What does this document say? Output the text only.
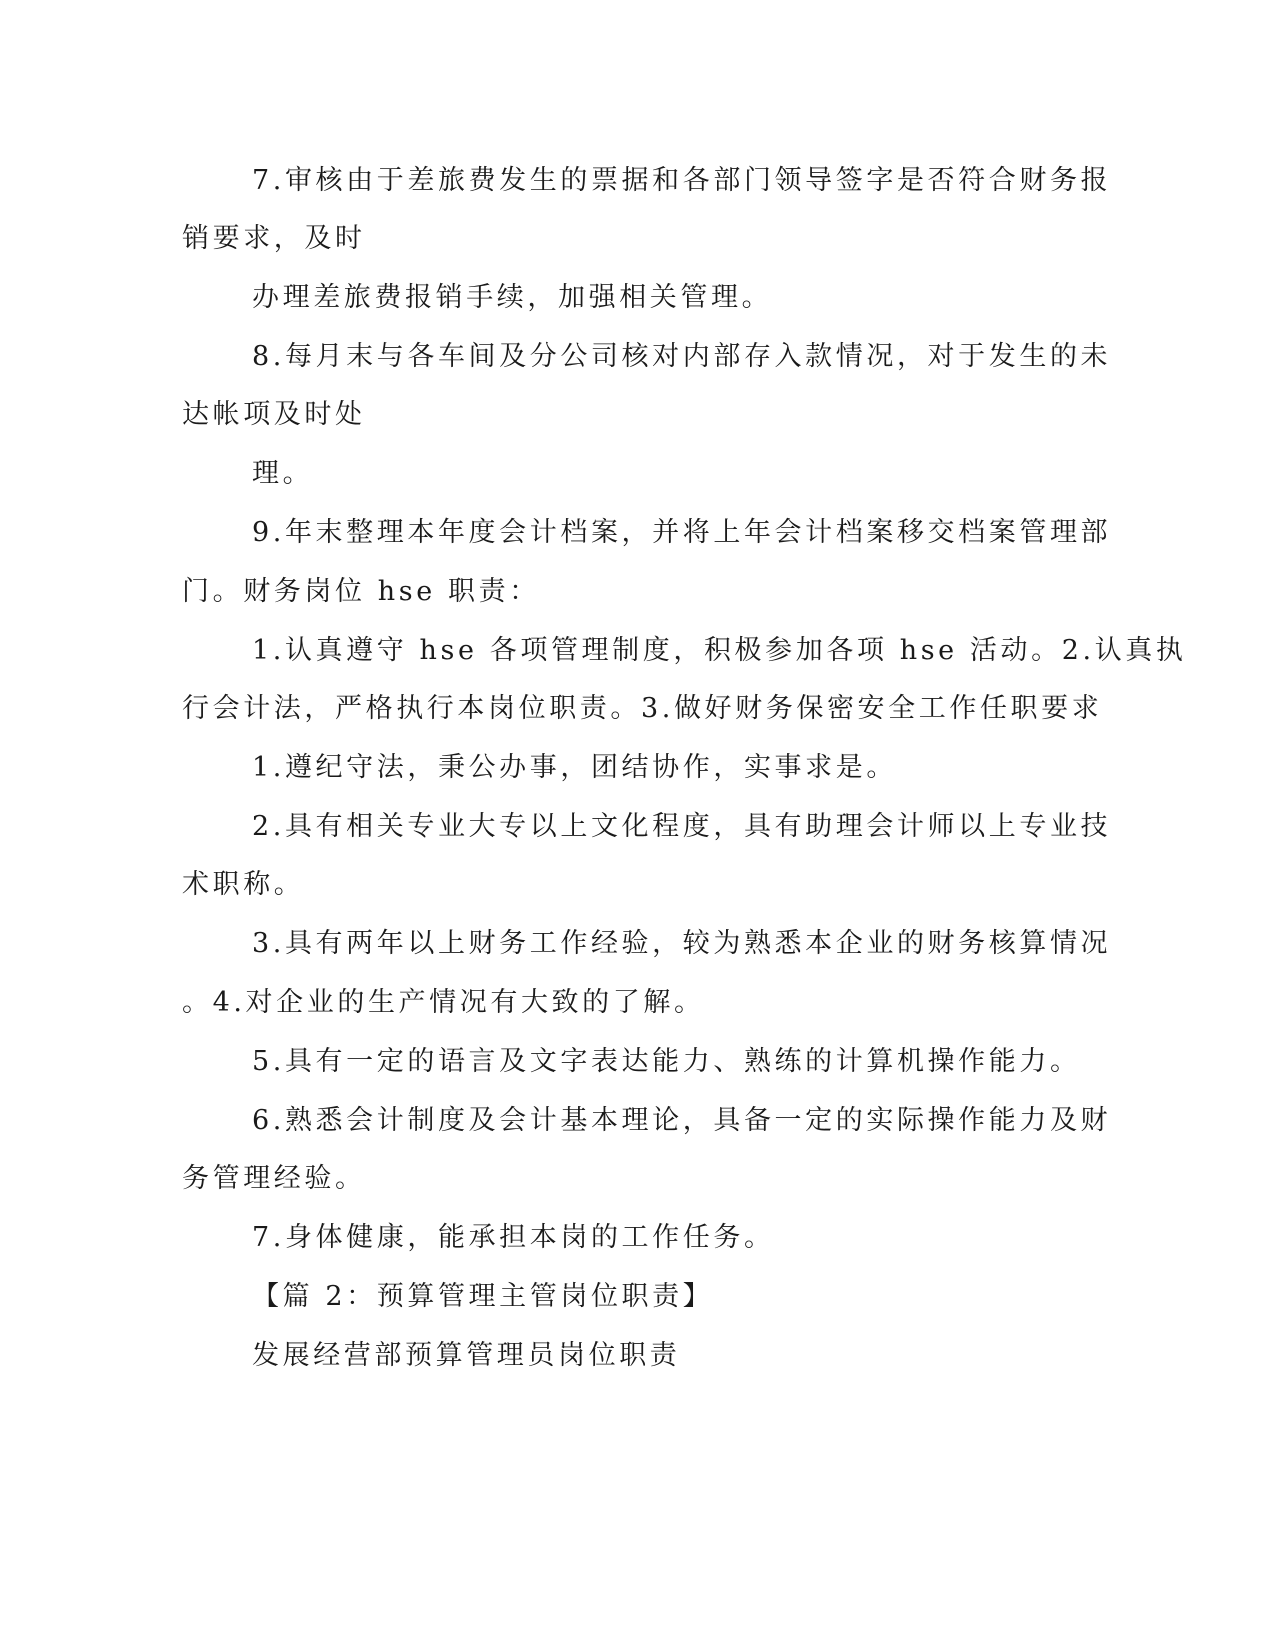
7.审核由于差旅费发生的票据和各部门领导签字是否符合财务报
销要求，及时
办理差旅费报销手续，加强相关管理。
8.每月末与各车间及分公司核对内部存入款情况，对于发生的未
达帐项及时处
理。
9.年末整理本年度会计档案，并将上年会计档案移交档案管理部
门。财务岗位 hse 职责：
1.认真遵守 hse 各项管理制度，积极参加各项 hse 活动。2.认真执
行会计法，严格执行本岗位职责。3.做好财务保密安全工作任职要求
1.遵纪守法，秉公办事，团结协作，实事求是。
2.具有相关专业大专以上文化程度，具有助理会计师以上专业技
术职称。
3.具有两年以上财务工作经验，较为熟悉本企业的财务核算情况
。4.对企业的生产情况有大致的了解。
5.具有一定的语言及文字表达能力、熟练的计算机操作能力。
6.熟悉会计制度及会计基本理论，具备一定的实际操作能力及财
务管理经验。
7.身体健康，能承担本岗的工作任务。
【篇 2：预算管理主管岗位职责】
发展经营部预算管理员岗位职责
